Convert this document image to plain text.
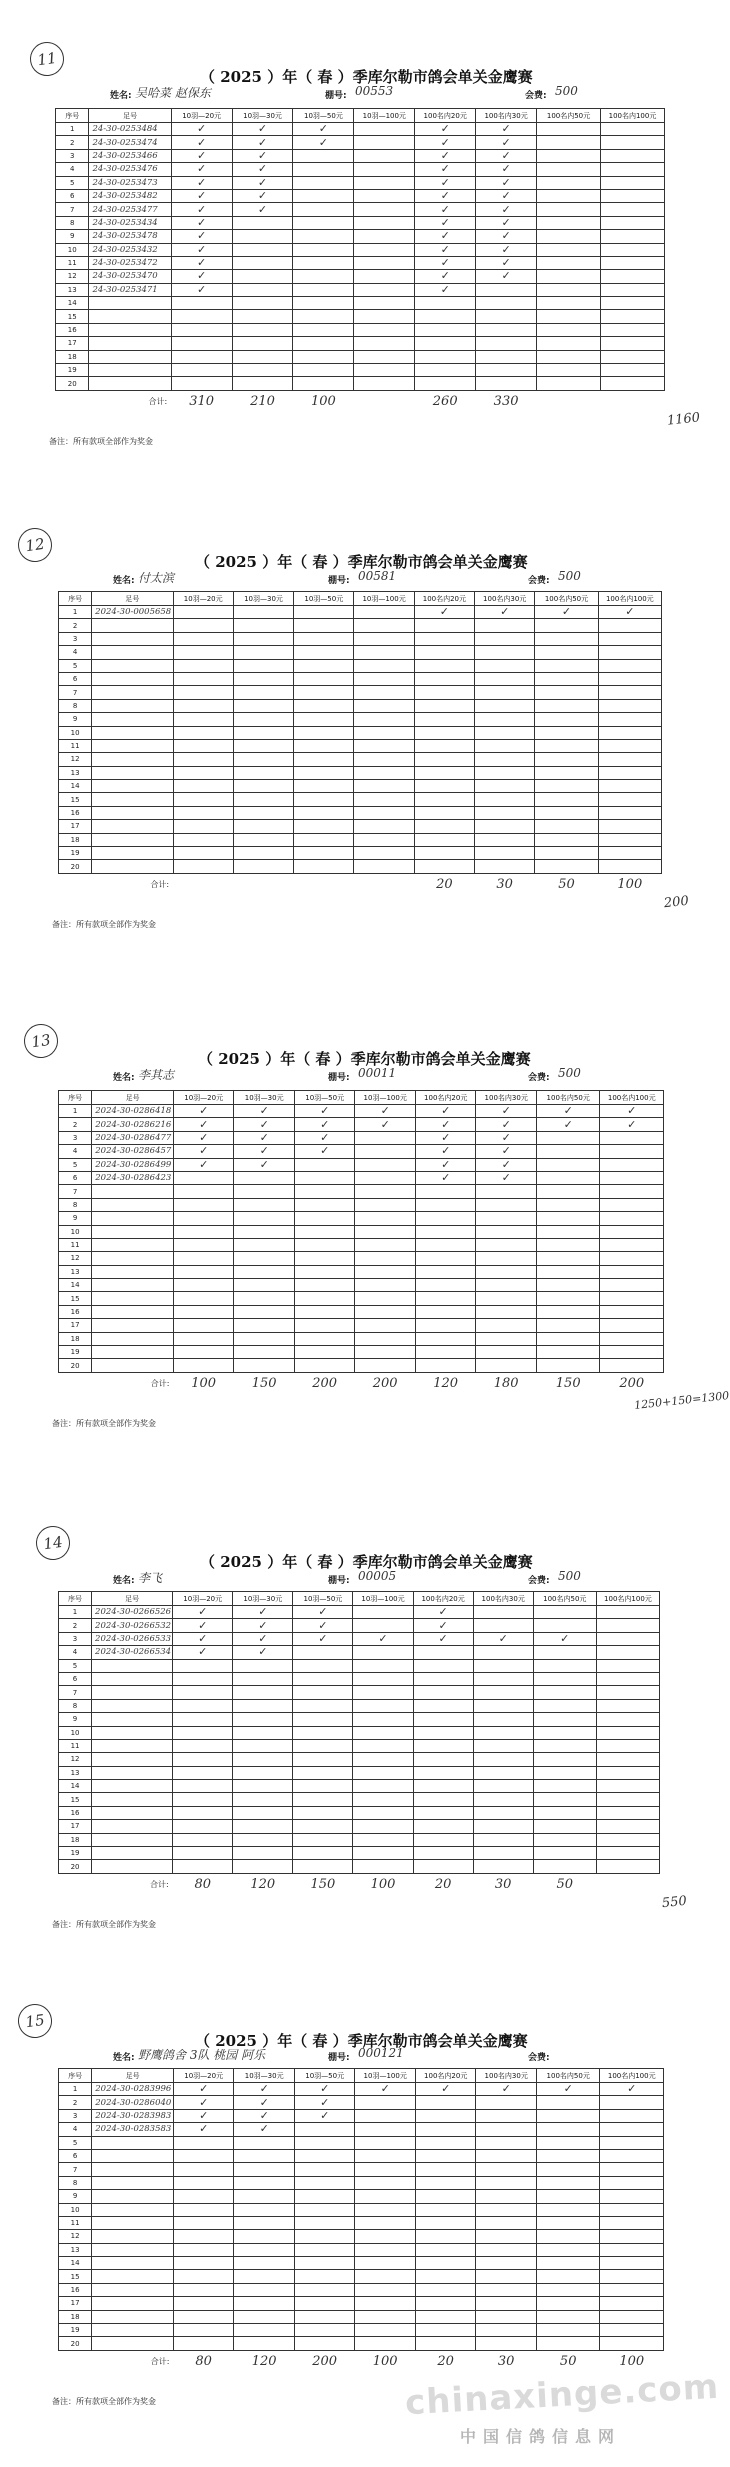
11
（ 2025 ）年（ 春 ）季库尔勒市鸽会单关金鹰赛
姓名: 吴哈菜 赵保东	棚号: 00553	会费: 500
序号	足号	10羽—20元	10羽—30元	10羽—50元	10羽—100元	100名内20元	100名内30元	100名内50元	100名内100元
1	24-30-0253484	✓	✓	✓		✓	✓		
2	24-30-0253474	✓	✓	✓		✓	✓		
3	24-30-0253466	✓	✓			✓	✓		
4	24-30-0253476	✓	✓			✓	✓		
5	24-30-0253473	✓	✓			✓	✓		
6	24-30-0253482	✓	✓			✓	✓		
7	24-30-0253477	✓	✓			✓	✓		
8	24-30-0253434	✓				✓	✓		
9	24-30-0253478	✓				✓	✓		
10	24-30-0253432	✓				✓	✓		
11	24-30-0253472	✓				✓	✓		
12	24-30-0253470	✓				✓	✓		
13	24-30-0253471	✓				✓			
14									
15									
16									
17									
18									
19									
20									
	合计:	310	210	100		260	330		
1160
备注：所有款项全部作为奖金
12
（ 2025 ）年（ 春 ）季库尔勒市鸽会单关金鹰赛
姓名: 付太滨	棚号: 00581	会费: 500
序号	足号	10羽—20元	10羽—30元	10羽—50元	10羽—100元	100名内20元	100名内30元	100名内50元	100名内100元
1	2024-30-0005658					✓	✓	✓	✓
2									
3									
4									
5									
6									
7									
8									
9									
10									
11									
12									
13									
14									
15									
16									
17									
18									
19									
20									
	合计:					20	30	50	100
200
备注：所有款项全部作为奖金
13
（ 2025 ）年（ 春 ）季库尔勒市鸽会单关金鹰赛
姓名: 李其志	棚号: 00011	会费: 500
序号	足号	10羽—20元	10羽—30元	10羽—50元	10羽—100元	100名内20元	100名内30元	100名内50元	100名内100元
1	2024-30-0286418	✓	✓	✓	✓	✓	✓	✓	✓
2	2024-30-0286216	✓	✓	✓	✓	✓	✓	✓	✓
3	2024-30-0286477	✓	✓	✓		✓	✓		
4	2024-30-0286457	✓	✓	✓		✓	✓		
5	2024-30-0286499	✓	✓			✓	✓		
6	2024-30-0286423					✓	✓		
7									
8									
9									
10									
11									
12									
13									
14									
15									
16									
17									
18									
19									
20									
	合计:	100	150	200	200	120	180	150	200
1250+150=1300
备注：所有款项全部作为奖金
14
（ 2025 ）年（ 春 ）季库尔勒市鸽会单关金鹰赛
姓名: 李飞	棚号: 00005	会费: 500
序号	足号	10羽—20元	10羽—30元	10羽—50元	10羽—100元	100名内20元	100名内30元	100名内50元	100名内100元
1	2024-30-0266526	✓	✓	✓		✓			
2	2024-30-0266532	✓	✓	✓		✓			
3	2024-30-0266533	✓	✓	✓	✓	✓	✓	✓	
4	2024-30-0266534	✓	✓						
5									
6									
7									
8									
9									
10									
11									
12									
13									
14									
15									
16									
17									
18									
19									
20									
	合计:	80	120	150	100	20	30	50	
550
备注：所有款项全部作为奖金
15
（ 2025 ）年（ 春 ）季库尔勒市鸽会单关金鹰赛
姓名: 野鹰鸽舍 3队 桃园 阿乐	棚号: 000121	会费:
序号	足号	10羽—20元	10羽—30元	10羽—50元	10羽—100元	100名内20元	100名内30元	100名内50元	100名内100元
1	2024-30-0283996	✓	✓	✓	✓	✓	✓	✓	✓
2	2024-30-0286040	✓	✓	✓					
3	2024-30-0283983	✓	✓	✓					
4	2024-30-0283583	✓	✓						
5									
6									
7									
8									
9									
10									
11									
12									
13									
14									
15									
16									
17									
18									
19									
20									
	合计:	80	120	200	100	20	30	50	100
备注：所有款项全部作为奖金	chinaxinge.com
中国信鸽信息网
